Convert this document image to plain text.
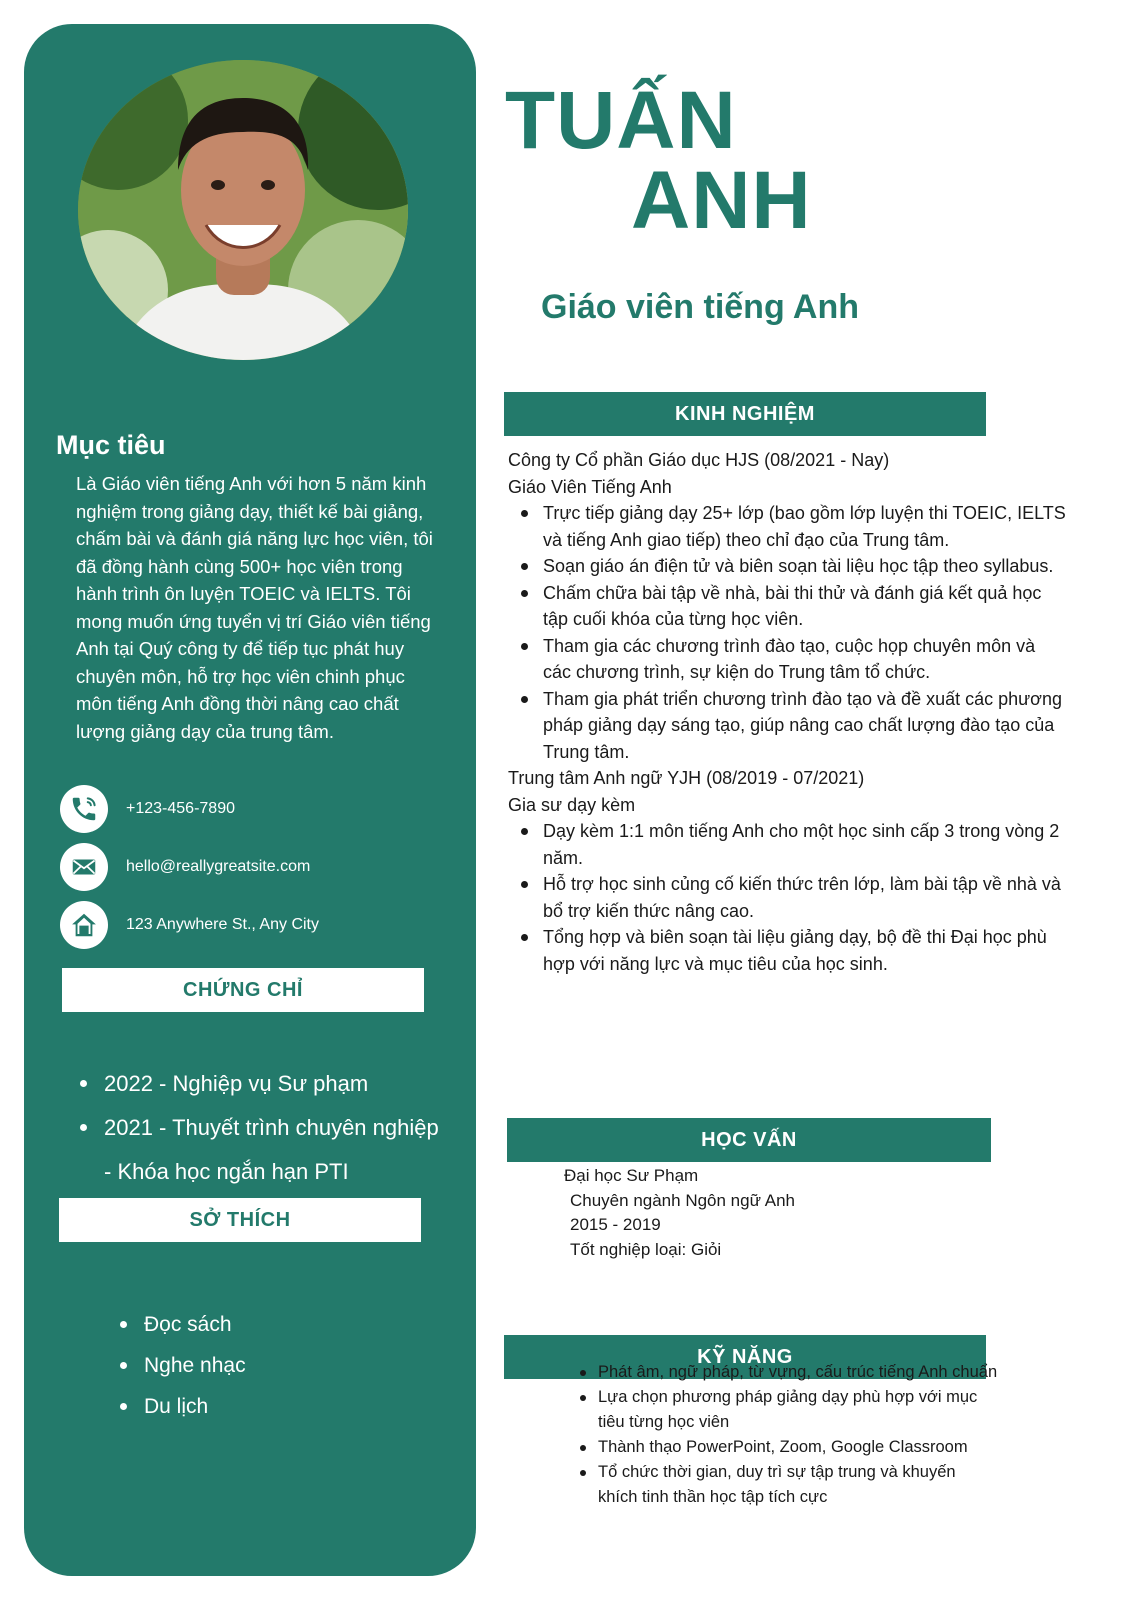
Mục tiêu
Là Giáo viên tiếng Anh với hơn 5 năm kinh nghiệm trong giảng dạy, thiết kế bài giảng, chấm bài và đánh giá năng lực học viên, tôi đã đồng hành cùng 500+ học viên trong hành trình ôn luyện TOEIC và IELTS. Tôi mong muốn ứng tuyển vị trí Giáo viên tiếng Anh tại Quý công ty để tiếp tục phát huy chuyên môn, hỗ trợ học viên chinh phục môn tiếng Anh đồng thời nâng cao chất lượng giảng dạy của trung tâm.
+123-456-7890
hello@reallygreatsite.com
123 Anywhere St., Any City
CHỨNG CHỈ
2022 - Nghiệp vụ Sư phạm
2021 - Thuyết trình chuyên nghiệp - Khóa học ngắn hạn PTI
SỞ THÍCH
Đọc sách
Nghe nhạc
Du lịch
TUẤN
ANH
Giáo viên tiếng Anh
KINH NGHIỆM
Công ty Cổ phần Giáo dục HJS (08/2021 - Nay)
Giáo Viên Tiếng Anh
Trực tiếp giảng dạy 25+ lớp (bao gồm lớp luyện thi TOEIC, IELTS và tiếng Anh giao tiếp) theo chỉ đạo của Trung tâm.
Soạn giáo án điện tử và biên soạn tài liệu học tập theo syllabus.
Chấm chữa bài tập về nhà, bài thi thử và đánh giá kết quả học tập cuối khóa của từng học viên.
Tham gia các chương trình đào tạo, cuộc họp chuyên môn và các chương trình, sự kiện do Trung tâm tổ chức.
Tham gia phát triển chương trình đào tạo và đề xuất các phương pháp giảng dạy sáng tạo, giúp nâng cao chất lượng đào tạo của Trung tâm.
Trung tâm Anh ngữ YJH (08/2019 - 07/2021)
Gia sư dạy kèm
Dạy kèm 1:1 môn tiếng Anh cho một học sinh cấp 3 trong vòng 2 năm.
Hỗ trợ học sinh củng cố kiến thức trên lớp, làm bài tập về nhà và bổ trợ kiến thức nâng cao.
Tổng hợp và biên soạn tài liệu giảng dạy, bộ đề thi Đại học phù hợp với năng lực và mục tiêu của học sinh.
HỌC VẤN
Đại học Sư Phạm
Chuyên ngành Ngôn ngữ Anh
2015 - 2019
Tốt nghiệp loại: Giỏi
KỸ NĂNG
Phát âm, ngữ pháp, từ vựng, cấu trúc tiếng Anh chuẩn
Lựa chọn phương pháp giảng dạy phù hợp với mục tiêu từng học viên
Thành thạo PowerPoint, Zoom, Google Classroom
Tổ chức thời gian, duy trì sự tập trung và khuyến khích tinh thần học tập tích cực
